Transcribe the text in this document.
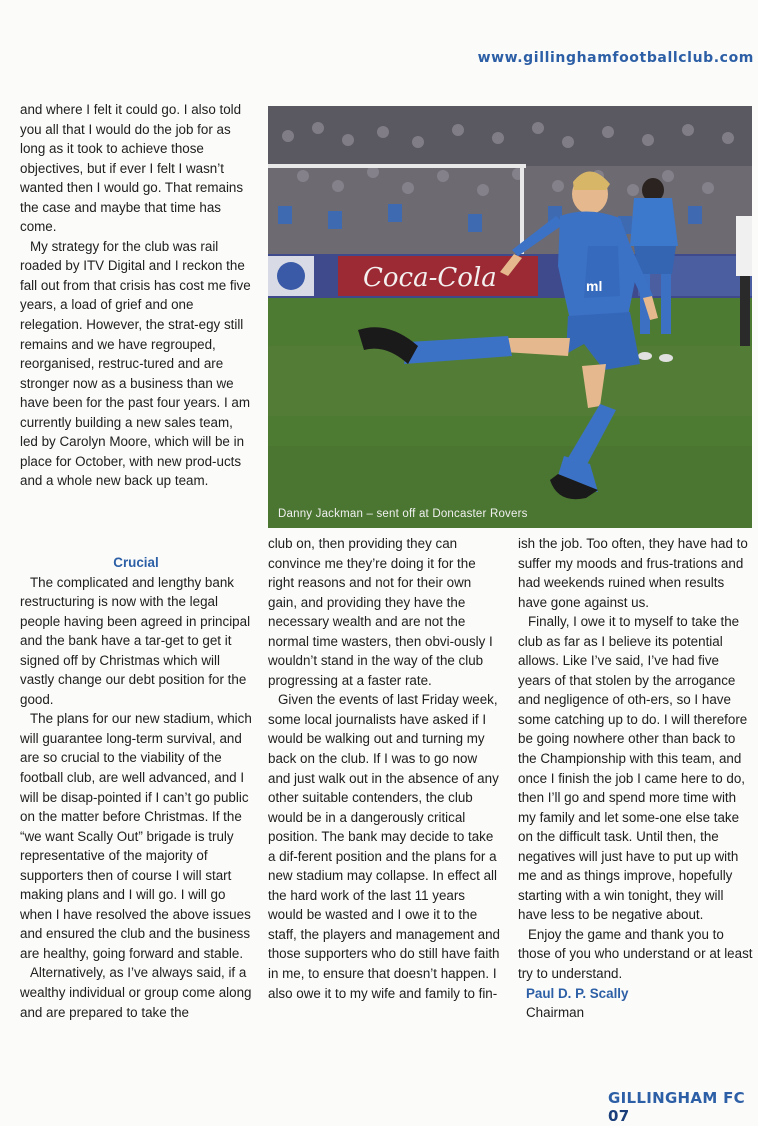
www.gillinghamfootballclub.com

and where I felt it could go. I also told you all that I would do the job for as long as it took to achieve those objectives, but if ever I felt I wasn’t wanted then I would go. That remains the case and maybe that time has come.

My strategy for the club was rail roaded by ITV Digital and I reckon the fall out from that crisis has cost me five years, a load of grief and one relegation. However, the strat-egy still remains and we have regrouped, reorganised, restruc-tured and are stronger now as a business than we have been for the past four years. I am currently building a new sales team, led by Carolyn Moore, which will be in place for October, with new prod-ucts and a whole new back up team.

Coca-Cola	ml
Danny Jackman – sent off at Doncaster Rovers

Crucial

The complicated and lengthy bank restructuring is now with the legal people having been agreed in principal and the bank have a tar-get to get it signed off by Christmas which will vastly change our debt position for the good.

The plans for our new stadium, which will guarantee long-term survival, and are so crucial to the viability of the football club, are well advanced, and I will be disap-pointed if I can’t go public on the matter before Christmas. If the “we want Scally Out” brigade is truly representative of the majority of supporters then of course I will start making plans and I will go. I will go when I have resolved the above issues and ensured the club and the business are healthy, going forward and stable.

Alternatively, as I’ve always said, if a wealthy individual or group come along and are prepared to take the

club on, then providing they can convince me they’re doing it for the right reasons and not for their own gain, and providing they have the necessary wealth and are not the normal time wasters, then obvi-ously I wouldn’t stand in the way of the club progressing at a faster rate.

Given the events of last Friday week, some local journalists have asked if I would be walking out and turning my back on the club. If I was to go now and just walk out in the absence of any other suitable contenders, the club would be in a dangerously critical position. The bank may decide to take a dif-ferent position and the plans for a new stadium may collapse. In effect all the hard work of the last 11 years would be wasted and I owe it to the staff, the players and management and those supporters who do still have faith in me, to ensure that doesn’t happen. I also owe it to my wife and family to fin-

ish the job. Too often, they have had to suffer my moods and frus-trations and had weekends ruined when results have gone against us.

Finally, I owe it to myself to take the club as far as I believe its potential allows. Like I’ve said, I’ve had five years of that stolen by the arrogance and negligence of oth-ers, so I have some catching up to do. I will therefore be going nowhere other than back to the Championship with this team, and once I finish the job I came here to do, then I’ll go and spend more time with my family and let some-one else take on the difficult task. Until then, the negatives will just have to put up with me and as things improve, hopefully starting with a win tonight, they will have less to be negative about.

Enjoy the game and thank you to those of you who understand or at least try to understand.

Paul D. P. Scally

Chairman

GILLINGHAM FC 07
